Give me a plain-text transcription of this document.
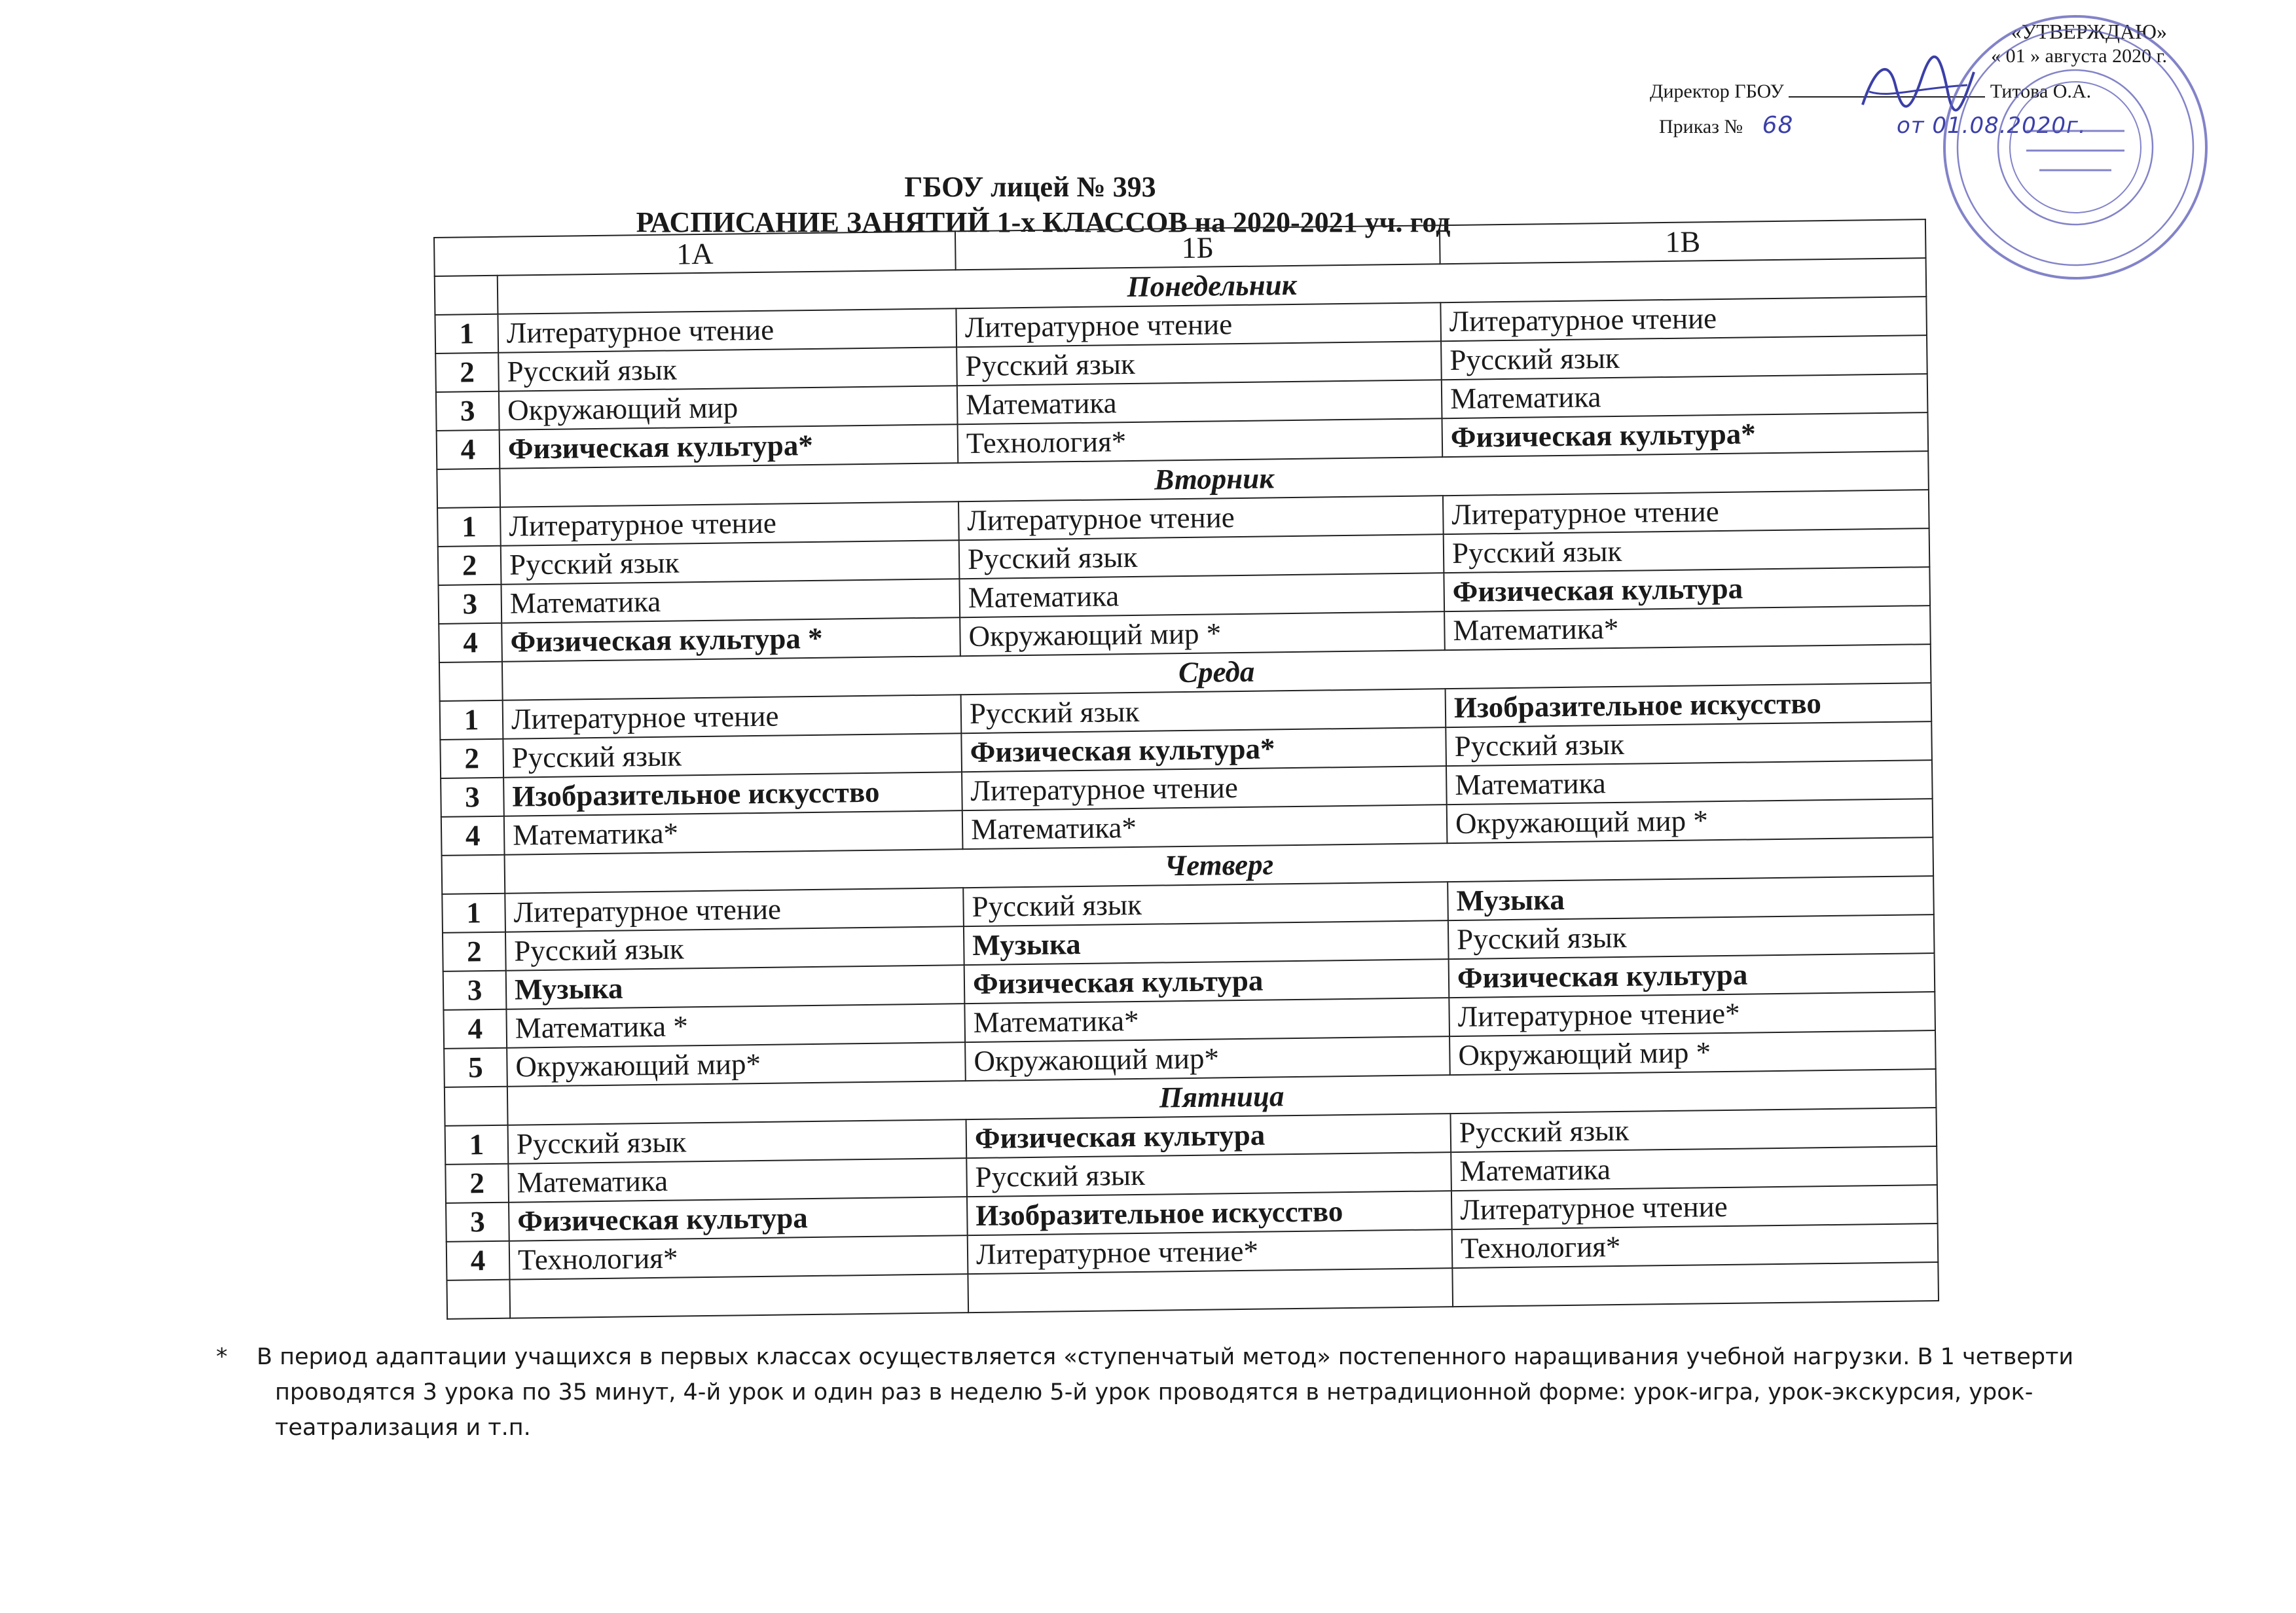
«УТВЕРЖДАЮ»
« 01 » августа 2020 г.
Директор ГБОУ	Титова О.А.
Приказ № 68	от 01.08.2020г.
ГБОУ лицей № 393
РАСПИСАНИЕ ЗАНЯТИЙ 1-х КЛАССОВ на 2020-2021 уч. год
1А		1Б	1В
	Понедельник		
1	Литературное чтение	Литературное чтение	Литературное чтение
2	Русский язык	Русский язык	Русский язык
3	Окружающий мир	Математика	Математика
4	Физическая культура*	Технология*	Физическая культура*
	Вторник		
1	Литературное чтение	Литературное чтение	Литературное чтение
2	Русский язык	Русский язык	Русский язык
3	Математика	Математика	Физическая культура
4	Физическая культура *	Окружающий мир *	Математика*
	Среда		
1	Литературное чтение	Русский язык	Изобразительное искусство
2	Русский язык	Физическая культура*	Русский язык
3	Изобразительное искусство	Литературное чтение	Математика
4	Математика*	Математика*	Окружающий мир *
	Четверг		
1	Литературное чтение	Русский язык	Музыка
2	Русский язык	Музыка	Русский язык
3	Музыка	Физическая культура	Физическая культура
4	Математика *	Математика*	Литературное чтение*
5	Окружающий мир*	Окружающий мир*	Окружающий мир *
	Пятница		
1	Русский язык	Физическая культура	Русский язык
2	Математика	Русский язык	Математика
3	Физическая культура	Изобразительное искусство	Литературное чтение
4	Технология*	Литературное чтение*	Технология*

* В период адаптации учащихся в первых классах осуществляется «ступенчатый метод» постепенного наращивания учебной нагрузки. В 1 четверти
проводятся 3 урока по 35 минут, 4-й урок и один раз в неделю 5-й урок проводятся в нетрадиционной форме: урок-игра, урок-экскурсия, урок-
театрализация и т.п.
